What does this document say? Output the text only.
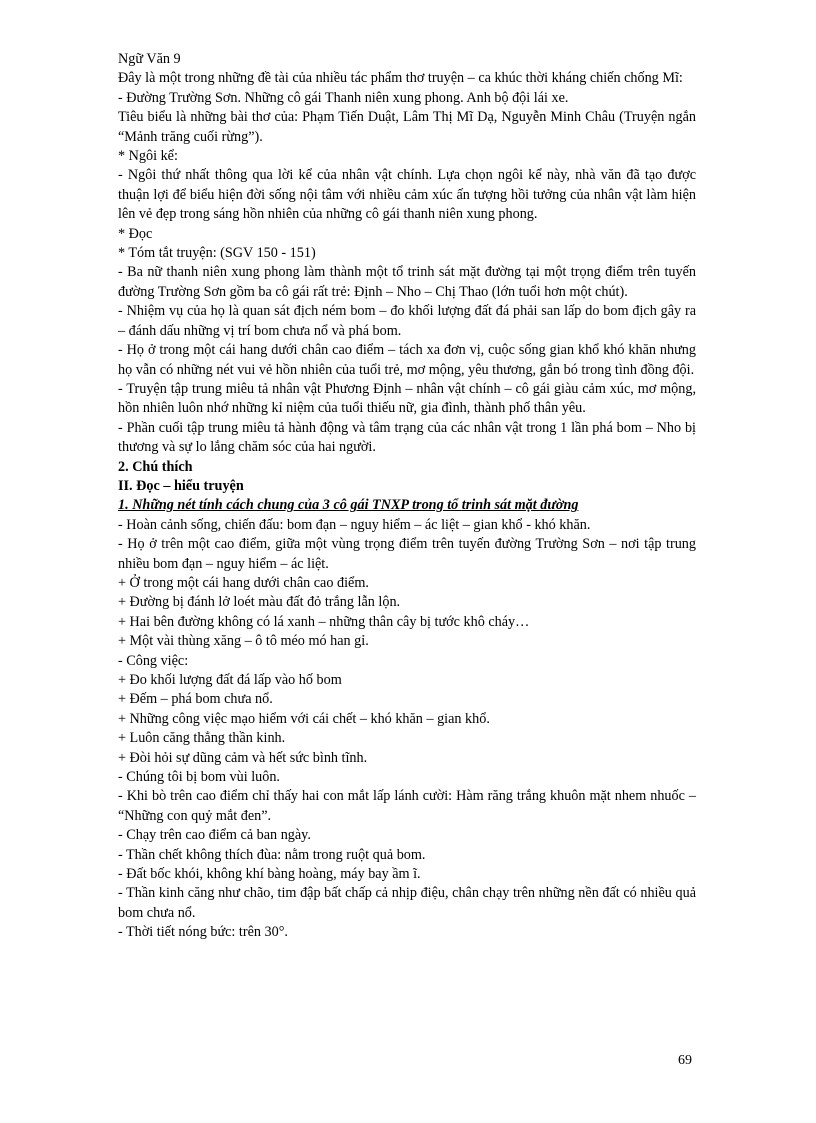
Ngữ Văn 9

Đây là một trong những đề tài của nhiều tác phẩm thơ truyện – ca khúc thời kháng chiến chống Mĩ:

- Đường Trường Sơn. Những cô gái Thanh niên xung phong. Anh bộ đội lái xe.

Tiêu biểu là những bài thơ của: Phạm Tiến Duật, Lâm Thị Mĩ Dạ, Nguyễn Minh Châu (Truyện ngắn “Mảnh trăng cuối rừng”).

* Ngôi kể:

- Ngôi thứ nhất thông qua lời kể của nhân vật chính. Lựa chọn ngôi kể này, nhà văn đã tạo được thuận lợi để biểu hiện đời sống nội tâm với nhiều cảm xúc ấn tượng hồi tưởng của nhân vật làm hiện lên vẻ đẹp trong sáng hồn nhiên của những cô gái thanh niên xung phong.

* Đọc

* Tóm tắt truyện: (SGV 150 - 151)

- Ba nữ thanh niên xung phong làm thành một tổ trinh sát mặt đường tại một trọng điểm trên tuyến đường Trường Sơn gồm ba cô gái rất trẻ: Định – Nho – Chị Thao (lớn tuổi hơn một chút).

- Nhiệm vụ của họ là quan sát địch ném bom – đo khối lượng đất đá phải san lấp do bom địch gây ra – đánh dấu những vị trí bom chưa nổ và phá bom.

- Họ ở trong một cái hang dưới chân cao điểm – tách xa đơn vị, cuộc sống gian khổ khó khăn nhưng họ vẫn có những nét vui vẻ hồn nhiên của tuổi trẻ, mơ mộng, yêu thương, gắn bó trong tình đồng đội.

- Truyện tập trung miêu tả nhân vật Phương Định – nhân vật chính – cô gái giàu cảm xúc, mơ mộng, hồn nhiên luôn nhớ những kỉ niệm của tuổi thiếu nữ, gia đình, thành phố thân yêu.

- Phần cuối tập trung miêu tả hành động và tâm trạng của các nhân vật trong 1 lần phá bom – Nho bị thương và sự lo lắng chăm sóc của hai người.

2. Chú thích

II. Đọc – hiểu truyện

1. Những nét tính cách chung của 3 cô gái TNXP trong tổ trinh sát mặt đường

- Hoàn cảnh sống, chiến đấu: bom đạn – nguy hiểm – ác liệt – gian khổ - khó khăn.

- Họ ở trên một cao điểm, giữa một vùng trọng điểm trên tuyến đường Trường Sơn – nơi tập trung nhiều bom đạn – nguy hiểm – ác liệt.

+ Ở trong một cái hang dưới chân cao điểm.

+ Đường bị đánh lở loét màu đất đỏ trắng lẫn lộn.

+ Hai bên đường không có lá xanh – những thân cây bị tước khô cháy…

+ Một vài thùng xăng – ô tô méo mó han gỉ.

- Công việc:

+ Đo khối lượng đất đá lấp vào hố bom

+ Đếm – phá bom chưa nổ.

+ Những công việc mạo hiểm với cái chết – khó khăn – gian khổ.

+ Luôn căng thẳng thần kinh.

+ Đòi hỏi sự dũng cảm và hết sức bình tĩnh.

- Chúng tôi bị bom vùi luôn.

- Khi bò trên cao điểm chỉ thấy hai con mắt lấp lánh cười: Hàm răng trắng khuôn mặt nhem nhuốc – “Những con quỷ mắt đen”.

- Chạy trên cao điểm cả ban ngày.

- Thần chết không thích đùa: nằm trong ruột quả bom.

- Đất bốc khói, không khí bàng hoàng, máy bay ầm ĩ.

- Thần kinh căng như chão, tim đập bất chấp cả nhịp điệu, chân chạy trên những nền đất có nhiều quả bom chưa nổ.

- Thời tiết nóng bức: trên 30°.

69
